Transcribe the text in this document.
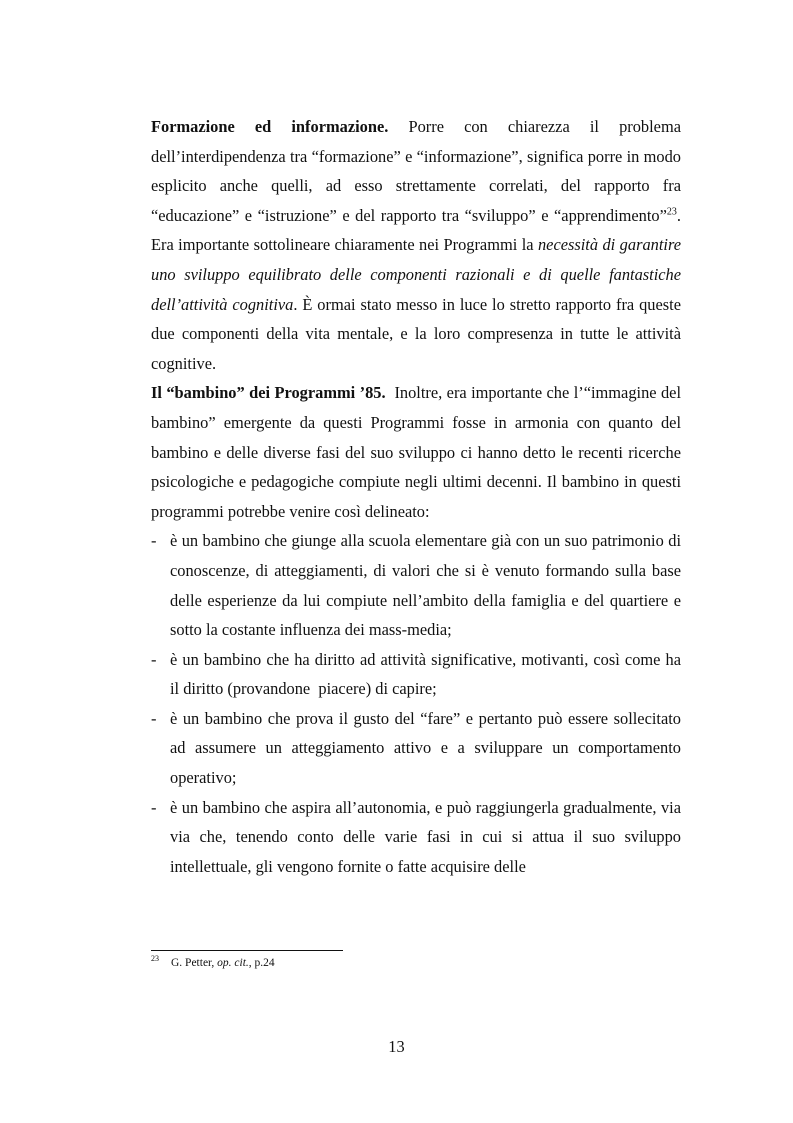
Formazione ed informazione. Porre con chiarezza il problema dell’interdipendenza tra “formazione” e “informazione”, significa porre in modo esplicito anche quelli, ad esso strettamente correlati, del rapporto fra “educazione” e “istruzione” e del rapporto tra “sviluppo” e “apprendimento”$^{23}$. Era importante sottolineare chiaramente nei Programmi la necessità di garantire uno sviluppo equilibrato delle componenti razionali e di quelle fantastiche dell’attività cognitiva. È ormai stato messo in luce lo stretto rapporto fra queste due componenti della vita mentale, e la loro compresenza in tutte le attività cognitive.

Il “bambino” dei Programmi ’85.  Inoltre, era importante che l’“immagine del bambino” emergente da questi Programmi fosse in armonia con quanto del bambino e delle diverse fasi del suo sviluppo ci hanno detto le recenti ricerche psicologiche e pedagogiche compiute negli ultimi decenni. Il bambino in questi programmi potrebbe venire così delineato:

- è un bambino che giunge alla scuola elementare già con un suo patrimonio di conoscenze, di atteggiamenti, di valori che si è venuto formando sulla base delle esperienze da lui compiute nell’ambito della famiglia e del quartiere e sotto la costante influenza dei mass-media;
- è un bambino che ha diritto ad attività significative, motivanti, così come ha il diritto (provandone  piacere) di capire;
- è un bambino che prova il gusto del “fare” e pertanto può essere sollecitato ad assumere un atteggiamento attivo e a sviluppare un comportamento operativo;
- è un bambino che aspira all’autonomia, e può raggiungerla gradualmente, via via che, tenendo conto delle varie fasi in cui si attua il suo sviluppo intellettuale, gli vengono fornite o fatte acquisire delle
$^{23}$ G. Petter, op. cit., p.24
13
